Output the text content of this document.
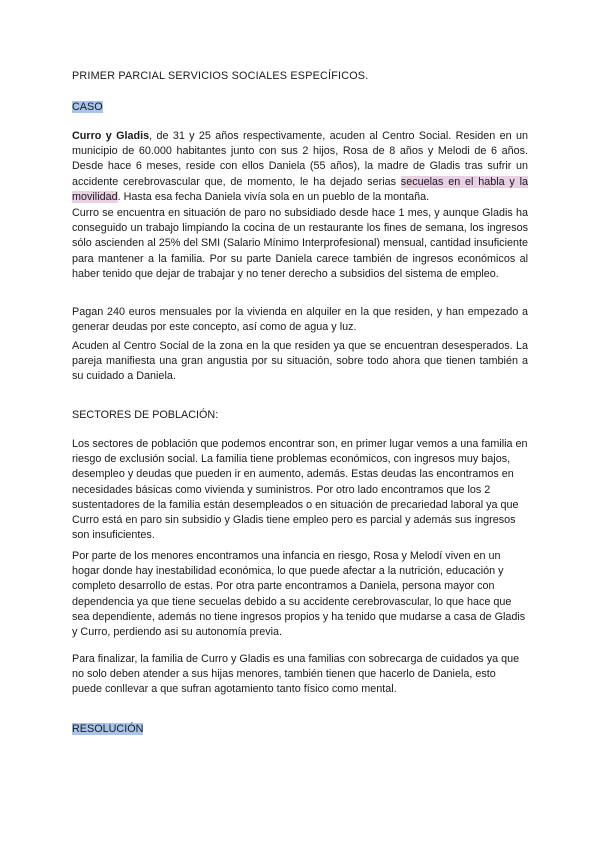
PRIMER PARCIAL SERVICIOS SOCIALES ESPECÍFICOS.
CASO

Curro y Gladis, de 31 y 25 años respectivamente, acuden al Centro Social. Residen en un municipio de 60.000 habitantes junto con sus 2 hijos, Rosa de 8 años y Melodi de 6 años. Desde hace 6 meses, reside con ellos Daniela (55 años), la madre de Gladis tras sufrir un accidente cerebrovascular que, de momento, le ha dejado serias secuelas en el habla y la movilidad. Hasta esa fecha Daniela vivía sola en un pueblo de la montaña.

Curro se encuentra en situación de paro no subsidiado desde hace 1 mes, y aunque Gladis ha conseguido un trabajo limpiando la cocina de un restaurante los fines de semana, los ingresos sólo ascienden al 25% del SMI (Salario Mínimo Interprofesional) mensual, cantidad insuficiente para mantener a la familia. Por su parte Daniela carece también de ingresos económicos al haber tenido que dejar de trabajar y no tener derecho a subsidios del sistema de empleo.

Pagan 240 euros mensuales por la vivienda en alquiler en la que residen, y han empezado a generar deudas por este concepto, así como de agua y luz.

Acuden al Centro Social de la zona en la que residen ya que se encuentran desesperados. La pareja manifiesta una gran angustia por su situación, sobre todo ahora que tienen también a su cuidado a Daniela.

SECTORES DE POBLACIÓN:

Los sectores de población que podemos encontrar son, en primer lugar vemos a una familia en riesgo de exclusión social. La familia tiene problemas económicos, con ingresos muy bajos, desempleo y deudas que pueden ir en aumento, además. Estas deudas las encontramos en necesidades básicas como vivienda y suministros. Por otro lado encontramos que los 2 sustentadores de la familia están desempleados o en situación de precariedad laboral ya que Curro está en paro sin subsidio y Gladis tiene empleo pero es parcial y además sus ingresos son insuficientes.

Por parte de los menores encontramos una infancia en riesgo, Rosa y Melodí viven en un hogar donde hay inestabilidad económica, lo que puede afectar a la nutrición, educación y completo desarrollo de estas. Por otra parte encontramos a Daniela, persona mayor con dependencia ya que tiene secuelas debido a su accidente cerebrovascular, lo que hace que sea dependiente, además no tiene ingresos propios y ha tenido que mudarse a casa de Gladis y Curro, perdiendo asi su autonomía previa.

Para finalizar, la familia de Curro y Gladis es una familias con sobrecarga de cuidados ya que no solo deben atender a sus hijas menores, también tienen que hacerlo de Daniela, esto puede conllevar a que sufran agotamiento tanto físico como mental.

RESOLUCIÓN
